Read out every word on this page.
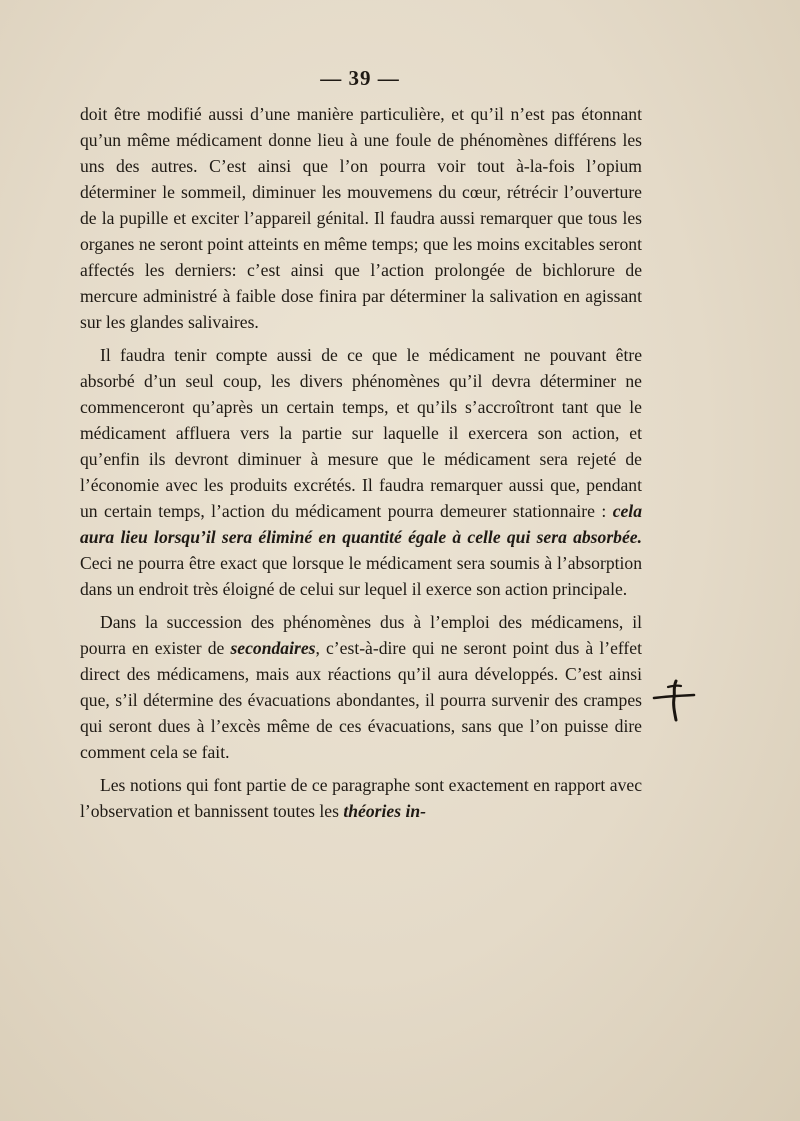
— 39 —

doit être modifié aussi d’une manière particulière, et qu’il n’est pas étonnant qu’un même médicament donne lieu à une foule de phénomènes différens les uns des autres. C’est ainsi que l’on pourra voir tout à-la-fois l’opium déterminer le sommeil, diminuer les mouvemens du cœur, rétrécir l’ouverture de la pupille et exciter l’appareil génital. Il faudra aussi remarquer que tous les organes ne seront point atteints en même temps; que les moins excitables seront affectés les derniers: c’est ainsi que l’action prolongée de bichlorure de mercure administré à faible dose finira par déterminer la salivation en agissant sur les glandes salivaires.

Il faudra tenir compte aussi de ce que le médicament ne pouvant être absorbé d’un seul coup, les divers phénomènes qu’il devra déterminer ne commenceront qu’après un certain temps, et qu’ils s’accroîtront tant que le médicament affluera vers la partie sur laquelle il exercera son action, et qu’enfin ils devront diminuer à mesure que le médicament sera rejeté de l’économie avec les produits excrétés. Il faudra remarquer aussi que, pendant un certain temps, l’action du médicament pourra demeurer stationnaire : cela aura lieu lorsqu’il sera éliminé en quantité égale à celle qui sera absorbée. Ceci ne pourra être exact que lorsque le médicament sera soumis à l’absorption dans un endroit très éloigné de celui sur lequel il exerce son action principale.

Dans la succession des phénomènes dus à l’emploi des médicamens, il pourra en exister de secondaires, c’est-à-dire qui ne seront point dus à l’effet direct des médicamens, mais aux réactions qu’il aura développés. C’est ainsi que, s’il détermine des évacuations abondantes, il pourra survenir des crampes qui seront dues à l’excès même de ces évacuations, sans que l’on puisse dire comment cela se fait.

Les notions qui font partie de ce paragraphe sont exactement en rapport avec l’observation et bannissent toutes les théories in-
